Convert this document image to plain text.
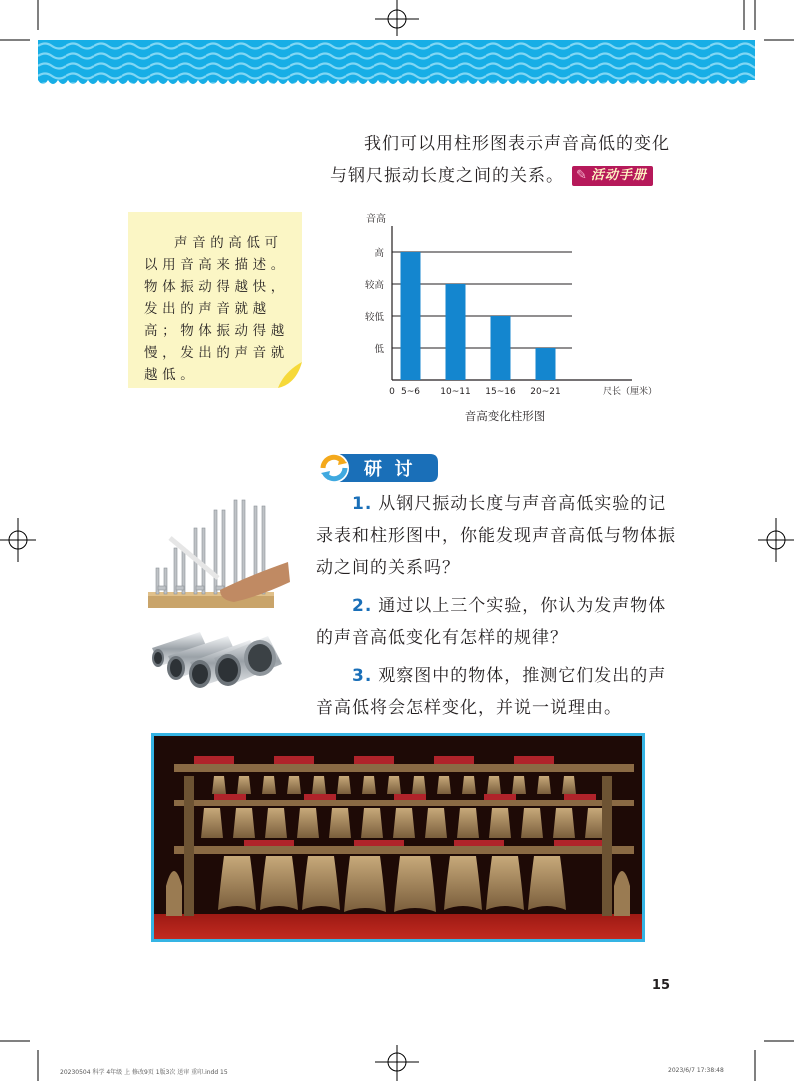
我们可以用柱形图表示声音高低的变化
与钢尺振动长度之间的关系。 ✎ 活动手册
声音的高低可
以用音高来描述。
物体振动得越快，
发出的声音就越
高；物体振动得越
慢，发出的声音就
越低。
音高
低
较低
较高
高
5~6 10~11 15~16 20~21
0	尺长（厘米）
音高变化柱形图
研  讨

1. 从钢尺振动长度与声音高低实验的记录表和柱形图中，你能发现声音高低与物体振动之间的关系吗？

2. 通过以上三个实验，你认为发声物体的声音高低变化有怎样的规律？

3. 观察图中的物体，推测它们发出的声音高低将会怎样变化，并说一说理由。

15
20230504 科学 4年级 上 修改9页 1版3次 送审 重印.indd 15	2023/6/7 17:38:48
